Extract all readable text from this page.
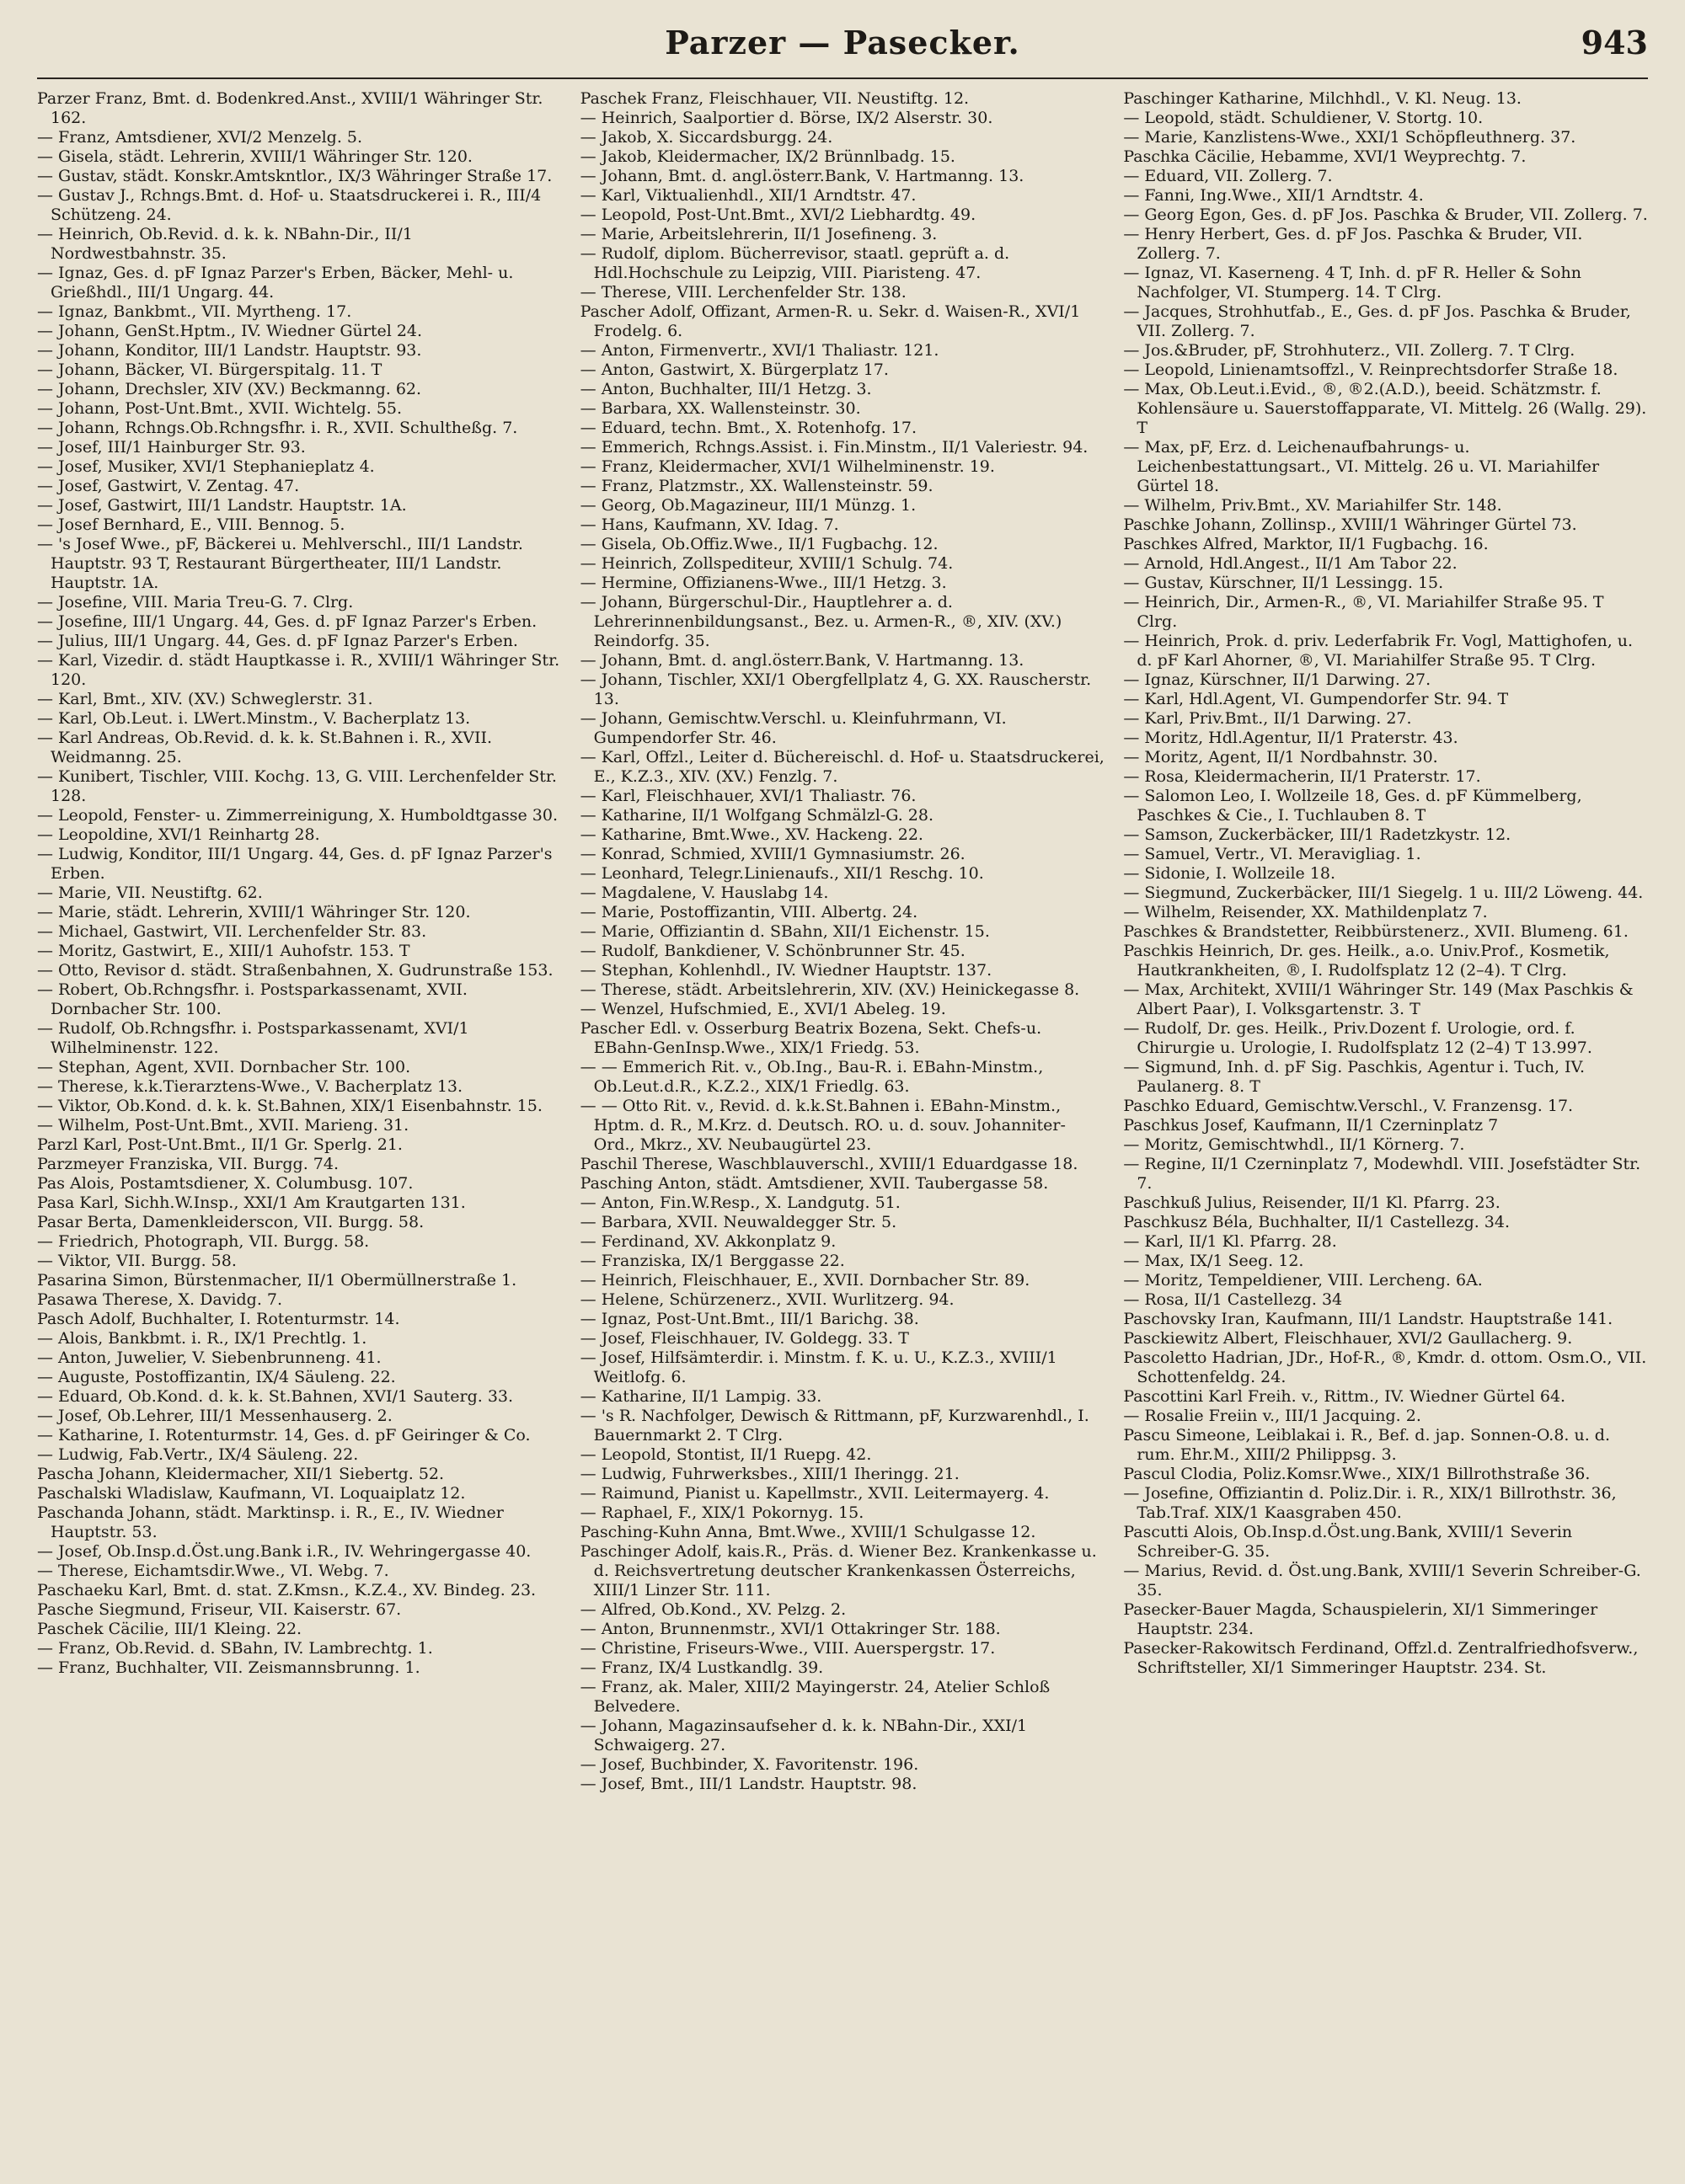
Parzer — Pasecker.	943
Parzer Franz, Bmt. d. Bodenkred.Anst., XVIII/1 Währinger Str. 162.
— Franz, Amtsdiener, XVI/2 Menzelg. 5.
— Gisela, städt. Lehrerin, XVIII/1 Währinger Str. 120.
— Gustav, städt. Konskr.Amtskntlor., IX/3 Währinger Straße 17.
— Gustav J., Rchngs.Bmt. d. Hof- u. Staatsdruckerei i. R., III/4 Schützeng. 24.
— Heinrich, Ob.Revid. d. k. k. NBahn-Dir., II/1 Nordwestbahnstr. 35.
— Ignaz, Ges. d. pF Ignaz Parzer's Erben, Bäcker, Mehl- u. Grießhdl., III/1 Ungarg. 44.
— Ignaz, Bankbmt., VII. Myrtheng. 17.
— Johann, GenSt.Hptm., IV. Wiedner Gürtel 24.
— Johann, Konditor, III/1 Landstr. Hauptstr. 93.
— Johann, Bäcker, VI. Bürgerspitalg. 11. T
— Johann, Drechsler, XIV (XV.) Beckmanng. 62.
— Johann, Post-Unt.Bmt., XVII. Wichtelg. 55.
— Johann, Rchngs.Ob.Rchngsfhr. i. R., XVII. Schultheßg. 7.
— Josef, III/1 Hainburger Str. 93.
— Josef, Musiker, XVI/1 Stephanieplatz 4.
— Josef, Gastwirt, V. Zentag. 47.
— Josef, Gastwirt, III/1 Landstr. Hauptstr. 1A.
— Josef Bernhard, E., VIII. Bennog. 5.
— 's Josef Wwe., pF, Bäckerei u. Mehlverschl., III/1 Landstr. Hauptstr. 93 T, Restaurant Bürgertheater, III/1 Landstr. Hauptstr. 1A.
— Josefine, VIII. Maria Treu-G. 7. Clrg.
— Josefine, III/1 Ungarg. 44, Ges. d. pF Ignaz Parzer's Erben.
— Julius, III/1 Ungarg. 44, Ges. d. pF Ignaz Parzer's Erben.
— Karl, Vizedir. d. städt Hauptkasse i. R., XVIII/1 Währinger Str. 120.
— Karl, Bmt., XIV. (XV.) Schweglerstr. 31.
— Karl, Ob.Leut. i. LWert.Minstm., V. Bacherplatz 13.
— Karl Andreas, Ob.Revid. d. k. k. St.Bahnen i. R., XVII. Weidmanng. 25.
— Kunibert, Tischler, VIII. Kochg. 13, G. VIII. Lerchenfelder Str. 128.
— Leopold, Fenster- u. Zimmerreinigung, X. Humboldtgasse 30.
— Leopoldine, XVI/1 Reinhartg 28.
— Ludwig, Konditor, III/1 Ungarg. 44, Ges. d. pF Ignaz Parzer's Erben.
— Marie, VII. Neustiftg. 62.
— Marie, städt. Lehrerin, XVIII/1 Währinger Str. 120.
— Michael, Gastwirt, VII. Lerchenfelder Str. 83.
— Moritz, Gastwirt, E., XIII/1 Auhofstr. 153. T
— Otto, Revisor d. städt. Straßenbahnen, X. Gudrunstraße 153.
— Robert, Ob.Rchngsfhr. i. Postsparkassenamt, XVII. Dornbacher Str. 100.
— Rudolf, Ob.Rchngsfhr. i. Postsparkassenamt, XVI/1 Wilhelminenstr. 122.
— Stephan, Agent, XVII. Dornbacher Str. 100.
— Therese, k.k.Tierarztens-Wwe., V. Bacherplatz 13.
— Viktor, Ob.Kond. d. k. k. St.Bahnen, XIX/1 Eisenbahnstr. 15.
— Wilhelm, Post-Unt.Bmt., XVII. Marieng. 31.
Parzl Karl, Post-Unt.Bmt., II/1 Gr. Sperlg. 21.
Parzmeyer Franziska, VII. Burgg. 74.
Pas Alois, Postamtsdiener, X. Columbusg. 107.
Pasa Karl, Sichh.W.Insp., XXI/1 Am Krautgarten 131.
Pasar Berta, Damenkleiderscon, VII. Burgg. 58.
— Friedrich, Photograph, VII. Burgg. 58.
— Viktor, VII. Burgg. 58.
Pasarina Simon, Bürstenmacher, II/1 Obermüllnerstraße 1.
Pasawa Therese, X. Davidg. 7.
Pasch Adolf, Buchhalter, I. Rotenturmstr. 14.
— Alois, Bankbmt. i. R., IX/1 Prechtlg. 1.
— Anton, Juwelier, V. Siebenbrunneng. 41.
— Auguste, Postoffizantin, IX/4 Säuleng. 22.
— Eduard, Ob.Kond. d. k. k. St.Bahnen, XVI/1 Sauterg. 33.
— Josef, Ob.Lehrer, III/1 Messenhauserg. 2.
— Katharine, I. Rotenturmstr. 14, Ges. d. pF Geiringer & Co.
— Ludwig, Fab.Vertr., IX/4 Säuleng. 22.
Pascha Johann, Kleidermacher, XII/1 Siebertg. 52.
Paschalski Wladislaw, Kaufmann, VI. Loquaiplatz 12.
Paschanda Johann, städt. Marktinsp. i. R., E., IV. Wiedner Hauptstr. 53.
— Josef, Ob.Insp.d.Öst.ung.Bank i.R., IV. Wehringergasse 40.
— Therese, Eichamtsdir.Wwe., VI. Webg. 7.
Paschaeku Karl, Bmt. d. stat. Z.Kmsn., K.Z.4., XV. Bindeg. 23.
Pasche Siegmund, Friseur, VII. Kaiserstr. 67.
Paschek Cäcilie, III/1 Kleing. 22.
— Franz, Ob.Revid. d. SBahn, IV. Lambrechtg. 1.
— Franz, Buchhalter, VII. Zeismannsbrunng. 1.
Paschek Franz, Fleischhauer, VII. Neustiftg. 12.
— Heinrich, Saalportier d. Börse, IX/2 Alserstr. 30.
— Jakob, X. Siccardsburgg. 24.
— Jakob, Kleidermacher, IX/2 Brünnlbadg. 15.
— Johann, Bmt. d. angl.österr.Bank, V. Hartmanng. 13.
— Karl, Viktualienhdl., XII/1 Arndtstr. 47.
— Leopold, Post-Unt.Bmt., XVI/2 Liebhardtg. 49.
— Marie, Arbeitslehrerin, II/1 Josefineng. 3.
— Rudolf, diplom. Bücherrevisor, staatl. geprüft a. d. Hdl.Hochschule zu Leipzig, VIII. Piaristeng. 47.
— Therese, VIII. Lerchenfelder Str. 138.
Pascher Adolf, Offizant, Armen-R. u. Sekr. d. Waisen-R., XVI/1 Frodelg. 6.
— Anton, Firmenvertr., XVI/1 Thaliastr. 121.
— Anton, Gastwirt, X. Bürgerplatz 17.
— Anton, Buchhalter, III/1 Hetzg. 3.
— Barbara, XX. Wallensteinstr. 30.
— Eduard, techn. Bmt., X. Rotenhofg. 17.
— Emmerich, Rchngs.Assist. i. Fin.Minstm., II/1 Valeriestr. 94.
— Franz, Kleidermacher, XVI/1 Wilhelminenstr. 19.
— Franz, Platzmstr., XX. Wallensteinstr. 59.
— Georg, Ob.Magazineur, III/1 Münzg. 1.
— Hans, Kaufmann, XV. Idag. 7.
— Gisela, Ob.Offiz.Wwe., II/1 Fugbachg. 12.
— Heinrich, Zollspediteur, XVIII/1 Schulg. 74.
— Hermine, Offizianens-Wwe., III/1 Hetzg. 3.
— Johann, Bürgerschul-Dir., Hauptlehrer a. d. Lehrerinnenbildungsanst., Bez. u. Armen-R., ®, XIV. (XV.) Reindorfg. 35.
— Johann, Bmt. d. angl.österr.Bank, V. Hartmanng. 13.
— Johann, Tischler, XXI/1 Obergfellplatz 4, G. XX. Rauscherstr. 13.
— Johann, Gemischtw.Verschl. u. Kleinfuhrmann, VI. Gumpendorfer Str. 46.
— Karl, Offzl., Leiter d. Büchereischl. d. Hof- u. Staatsdruckerei, E., K.Z.3., XIV. (XV.) Fenzlg. 7.
— Karl, Fleischhauer, XVI/1 Thaliastr. 76.
— Katharine, II/1 Wolfgang Schmälzl-G. 28.
— Katharine, Bmt.Wwe., XV. Hackeng. 22.
— Konrad, Schmied, XVIII/1 Gymnasiumstr. 26.
— Leonhard, Telegr.Linienaufs., XII/1 Reschg. 10.
— Magdalene, V. Hauslabg 14.
— Marie, Postoffizantin, VIII. Albertg. 24.
— Marie, Offiziantin d. SBahn, XII/1 Eichenstr. 15.
— Rudolf, Bankdiener, V. Schönbrunner Str. 45.
— Stephan, Kohlenhdl., IV. Wiedner Hauptstr. 137.
— Therese, städt. Arbeitslehrerin, XIV. (XV.) Heinickegasse 8.
— Wenzel, Hufschmied, E., XVI/1 Abeleg. 19.
Pascher Edl. v. Osserburg Beatrix Bozena, Sekt. Chefs-u. EBahn-GenInsp.Wwe., XIX/1 Friedg. 53.
— — Emmerich Rit. v., Ob.Ing., Bau-R. i. EBahn-Minstm., Ob.Leut.d.R., K.Z.2., XIX/1 Friedlg. 63.
— — Otto Rit. v., Revid. d. k.k.St.Bahnen i. EBahn-Minstm., Hptm. d. R., M.Krz. d. Deutsch. RO. u. d. souv. Johanniter-Ord., Mkrz., XV. Neubaugürtel 23.
Paschil Therese, Waschblauverschl., XVIII/1 Eduardgasse 18.
Pasching Anton, städt. Amtsdiener, XVII. Taubergasse 58.
— Anton, Fin.W.Resp., X. Landgutg. 51.
— Barbara, XVII. Neuwaldegger Str. 5.
— Ferdinand, XV. Akkonplatz 9.
— Franziska, IX/1 Berggasse 22.
— Heinrich, Fleischhauer, E., XVII. Dornbacher Str. 89.
— Helene, Schürzenerz., XVII. Wurlitzerg. 94.
— Ignaz, Post-Unt.Bmt., III/1 Barichg. 38.
— Josef, Fleischhauer, IV. Goldegg. 33. T
— Josef, Hilfsämterdir. i. Minstm. f. K. u. U., K.Z.3., XVIII/1 Weitlofg. 6.
— Katharine, II/1 Lampig. 33.
— 's R. Nachfolger, Dewisch & Rittmann, pF, Kurzwarenhdl., I. Bauernmarkt 2. T Clrg.
— Leopold, Stontist, II/1 Ruepg. 42.
— Ludwig, Fuhrwerksbes., XIII/1 Iheringg. 21.
— Raimund, Pianist u. Kapellmstr., XVII. Leitermayerg. 4.
— Raphael, F., XIX/1 Pokornyg. 15.
Pasching-Kuhn Anna, Bmt.Wwe., XVIII/1 Schulgasse 12.
Paschinger Adolf, kais.R., Präs. d. Wiener Bez. Krankenkasse u. d. Reichsvertretung deutscher Krankenkassen Österreichs, XIII/1 Linzer Str. 111.
— Alfred, Ob.Kond., XV. Pelzg. 2.
— Anton, Brunnenmstr., XVI/1 Ottakringer Str. 188.
— Christine, Friseurs-Wwe., VIII. Auerspergstr. 17.
— Franz, IX/4 Lustkandlg. 39.
— Franz, ak. Maler, XIII/2 Mayingerstr. 24, Atelier Schloß Belvedere.
— Johann, Magazinsaufseher d. k. k. NBahn-Dir., XXI/1 Schwaigerg. 27.
— Josef, Buchbinder, X. Favoritenstr. 196.
— Josef, Bmt., III/1 Landstr. Hauptstr. 98.
Paschinger Katharine, Milchhdl., V. Kl. Neug. 13.
— Leopold, städt. Schuldiener, V. Stortg. 10.
— Marie, Kanzlistens-Wwe., XXI/1 Schöpfleuthnerg. 37.
Paschka Cäcilie, Hebamme, XVI/1 Weyprechtg. 7.
— Eduard, VII. Zollerg. 7.
— Fanni, Ing.Wwe., XII/1 Arndtstr. 4.
— Georg Egon, Ges. d. pF Jos. Paschka & Bruder, VII. Zollerg. 7.
— Henry Herbert, Ges. d. pF Jos. Paschka & Bruder, VII. Zollerg. 7.
— Ignaz, VI. Kaserneng. 4 T, Inh. d. pF R. Heller & Sohn Nachfolger, VI. Stumperg. 14. T Clrg.
— Jacques, Strohhutfab., E., Ges. d. pF Jos. Paschka & Bruder, VII. Zollerg. 7.
— Jos.&Bruder, pF, Strohhuterz., VII. Zollerg. 7. T Clrg.
— Leopold, Linienamtsoffzl., V. Reinprechtsdorfer Straße 18.
— Max, Ob.Leut.i.Evid., ®, ®2.(A.D.), beeid. Schätzmstr. f. Kohlensäure u. Sauerstoffapparate, VI. Mittelg. 26 (Wallg. 29). T
— Max, pF, Erz. d. Leichenaufbahrungs- u. Leichenbestattungsart., VI. Mittelg. 26 u. VI. Mariahilfer Gürtel 18.
— Wilhelm, Priv.Bmt., XV. Mariahilfer Str. 148.
Paschke Johann, Zollinsp., XVIII/1 Währinger Gürtel 73.
Paschkes Alfred, Marktor, II/1 Fugbachg. 16.
— Arnold, Hdl.Angest., II/1 Am Tabor 22.
— Gustav, Kürschner, II/1 Lessingg. 15.
— Heinrich, Dir., Armen-R., ®, VI. Mariahilfer Straße 95. T Clrg.
— Heinrich, Prok. d. priv. Lederfabrik Fr. Vogl, Mattighofen, u. d. pF Karl Ahorner, ®, VI. Mariahilfer Straße 95. T Clrg.
— Ignaz, Kürschner, II/1 Darwing. 27.
— Karl, Hdl.Agent, VI. Gumpendorfer Str. 94. T
— Karl, Priv.Bmt., II/1 Darwing. 27.
— Moritz, Hdl.Agentur, II/1 Praterstr. 43.
— Moritz, Agent, II/1 Nordbahnstr. 30.
— Rosa, Kleidermacherin, II/1 Praterstr. 17.
— Salomon Leo, I. Wollzeile 18, Ges. d. pF Kümmelberg, Paschkes & Cie., I. Tuchlauben 8. T
— Samson, Zuckerbäcker, III/1 Radetzkystr. 12.
— Samuel, Vertr., VI. Meravigliag. 1.
— Sidonie, I. Wollzeile 18.
— Siegmund, Zuckerbäcker, III/1 Siegelg. 1 u. III/2 Löweng. 44.
— Wilhelm, Reisender, XX. Mathildenplatz 7.
Paschkes & Brandstetter, Reibbürstenerz., XVII. Blumeng. 61.
Paschkis Heinrich, Dr. ges. Heilk., a.o. Univ.Prof., Kosmetik, Hautkrankheiten, ®, I. Rudolfsplatz 12 (2–4). T Clrg.
— Max, Architekt, XVIII/1 Währinger Str. 149 (Max Paschkis & Albert Paar), I. Volksgartenstr. 3. T
— Rudolf, Dr. ges. Heilk., Priv.Dozent f. Urologie, ord. f. Chirurgie u. Urologie, I. Rudolfsplatz 12 (2–4) T 13.997.
— Sigmund, Inh. d. pF Sig. Paschkis, Agentur i. Tuch, IV. Paulanerg. 8. T
Paschko Eduard, Gemischtw.Verschl., V. Franzensg. 17.
Paschkus Josef, Kaufmann, II/1 Czerninplatz 7
— Moritz, Gemischtwhdl., II/1 Körnerg. 7.
— Regine, II/1 Czerninplatz 7, Modewhdl. VIII. Josefstädter Str. 7.
Paschkuß Julius, Reisender, II/1 Kl. Pfarrg. 23.
Paschkusz Béla, Buchhalter, II/1 Castellezg. 34.
— Karl, II/1 Kl. Pfarrg. 28.
— Max, IX/1 Seeg. 12.
— Moritz, Tempeldiener, VIII. Lercheng. 6A.
— Rosa, II/1 Castellezg. 34
Paschovsky Iran, Kaufmann, III/1 Landstr. Hauptstraße 141.
Pasckiewitz Albert, Fleischhauer, XVI/2 Gaullacherg. 9.
Pascoletto Hadrian, JDr., Hof-R., ®, Kmdr. d. ottom. Osm.O., VII. Schottenfeldg. 24.
Pascottini Karl Freih. v., Rittm., IV. Wiedner Gürtel 64.
— Rosalie Freiin v., III/1 Jacquing. 2.
Pascu Simeone, Leiblakai i. R., Bef. d. jap. Sonnen-O.8. u. d. rum. Ehr.M., XIII/2 Philippsg. 3.
Pascul Clodia, Poliz.Komsr.Wwe., XIX/1 Billrothstraße 36.
— Josefine, Offiziantin d. Poliz.Dir. i. R., XIX/1 Billrothstr. 36, Tab.Traf. XIX/1 Kaasgraben 450.
Pascutti Alois, Ob.Insp.d.Öst.ung.Bank, XVIII/1 Severin Schreiber-G. 35.
— Marius, Revid. d. Öst.ung.Bank, XVIII/1 Severin Schreiber-G. 35.
Pasecker-Bauer Magda, Schauspielerin, XI/1 Simmeringer Hauptstr. 234.
Pasecker-Rakowitsch Ferdinand, Offzl.d. Zentralfriedhofsverw., Schriftsteller, XI/1 Simmeringer Hauptstr. 234. St.
